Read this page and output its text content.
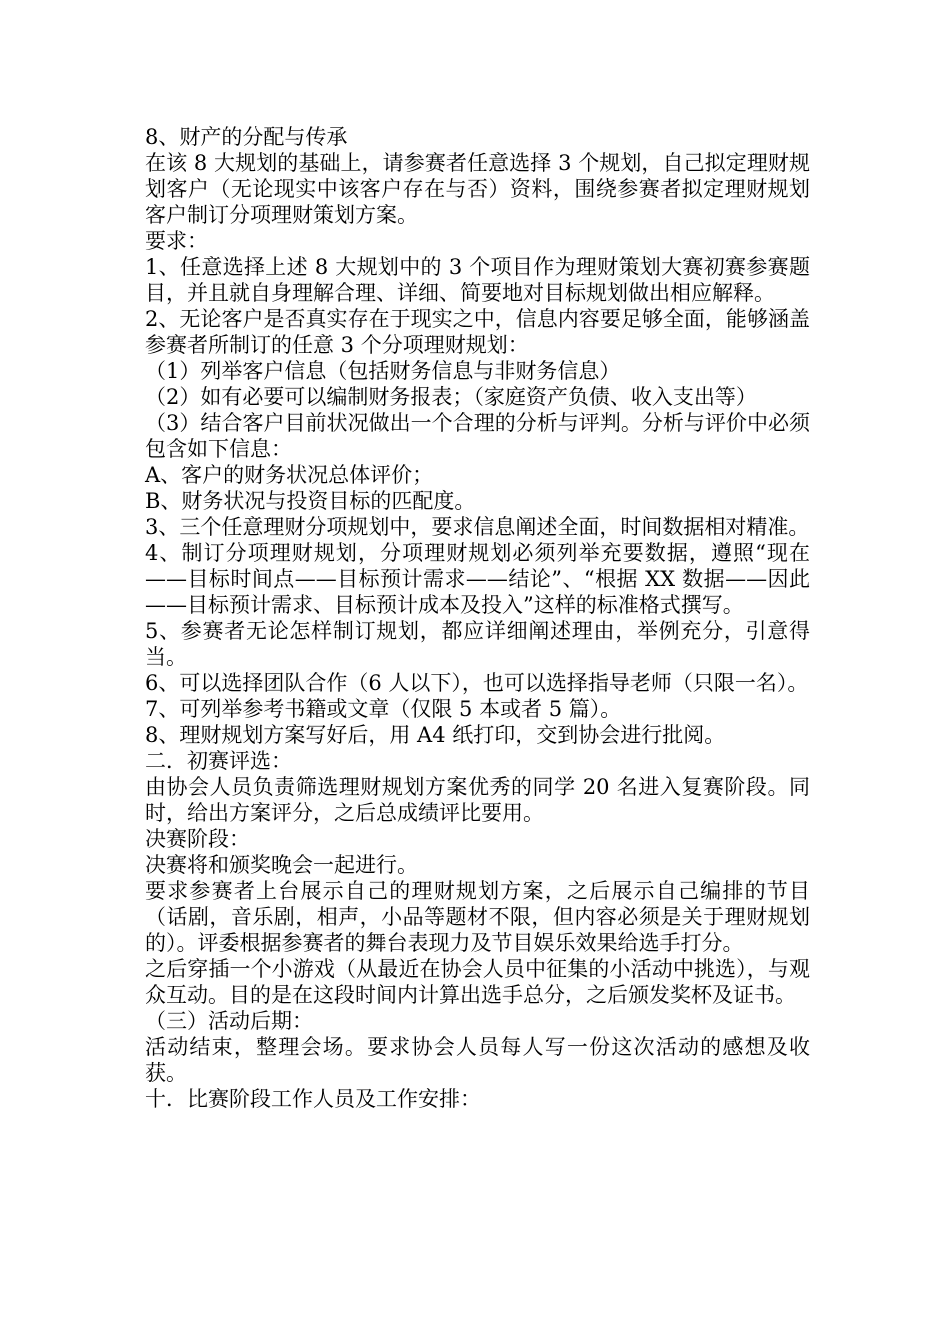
8、财产的分配与传承

在该 8 大规划的基础上，请参赛者任意选择 3 个规划，自己拟定理财规划客户（无论现实中该客户存在与否）资料，围绕参赛者拟定理财规划客户制订分项理财策划方案。

要求：

1、任意选择上述 8 大规划中的 3 个项目作为理财策划大赛初赛参赛题目，并且就自身理解合理、详细、简要地对目标规划做出相应解释。

2、无论客户是否真实存在于现实之中，信息内容要足够全面，能够涵盖参赛者所制订的任意 3 个分项理财规划：

（1）列举客户信息（包括财务信息与非财务信息）

（2）如有必要可以编制财务报表；（家庭资产负债、收入支出等）

（3）结合客户目前状况做出一个合理的分析与评判。分析与评价中必须包含如下信息：

A、客户的财务状况总体评价；

B、财务状况与投资目标的匹配度。

3、三个任意理财分项规划中，要求信息阐述全面，时间数据相对精准。

4、制订分项理财规划，分项理财规划必须列举充要数据，遵照“现在——目标时间点——目标预计需求——结论”、“根据 XX 数据——因此——目标预计需求、目标预计成本及投入”这样的标准格式撰写。

5、参赛者无论怎样制订规划，都应详细阐述理由，举例充分，引意得当。

6、可以选择团队合作（6 人以下），也可以选择指导老师（只限一名）。

7、可列举参考书籍或文章（仅限 5 本或者 5 篇）。

8、理财规划方案写好后，用 A4 纸打印，交到协会进行批阅。

二．初赛评选：

由协会人员负责筛选理财规划方案优秀的同学 20 名进入复赛阶段。同时，给出方案评分，之后总成绩评比要用。

决赛阶段：

决赛将和颁奖晚会一起进行。

要求参赛者上台展示自己的理财规划方案，之后展示自己编排的节目（话剧，音乐剧，相声，小品等题材不限，但内容必须是关于理财规划的）。评委根据参赛者的舞台表现力及节目娱乐效果给选手打分。

之后穿插一个小游戏（从最近在协会人员中征集的小活动中挑选），与观众互动。目的是在这段时间内计算出选手总分，之后颁发奖杯及证书。

（三）活动后期：

活动结束，整理会场。要求协会人员每人写一份这次活动的感想及收获。

十．比赛阶段工作人员及工作安排：
